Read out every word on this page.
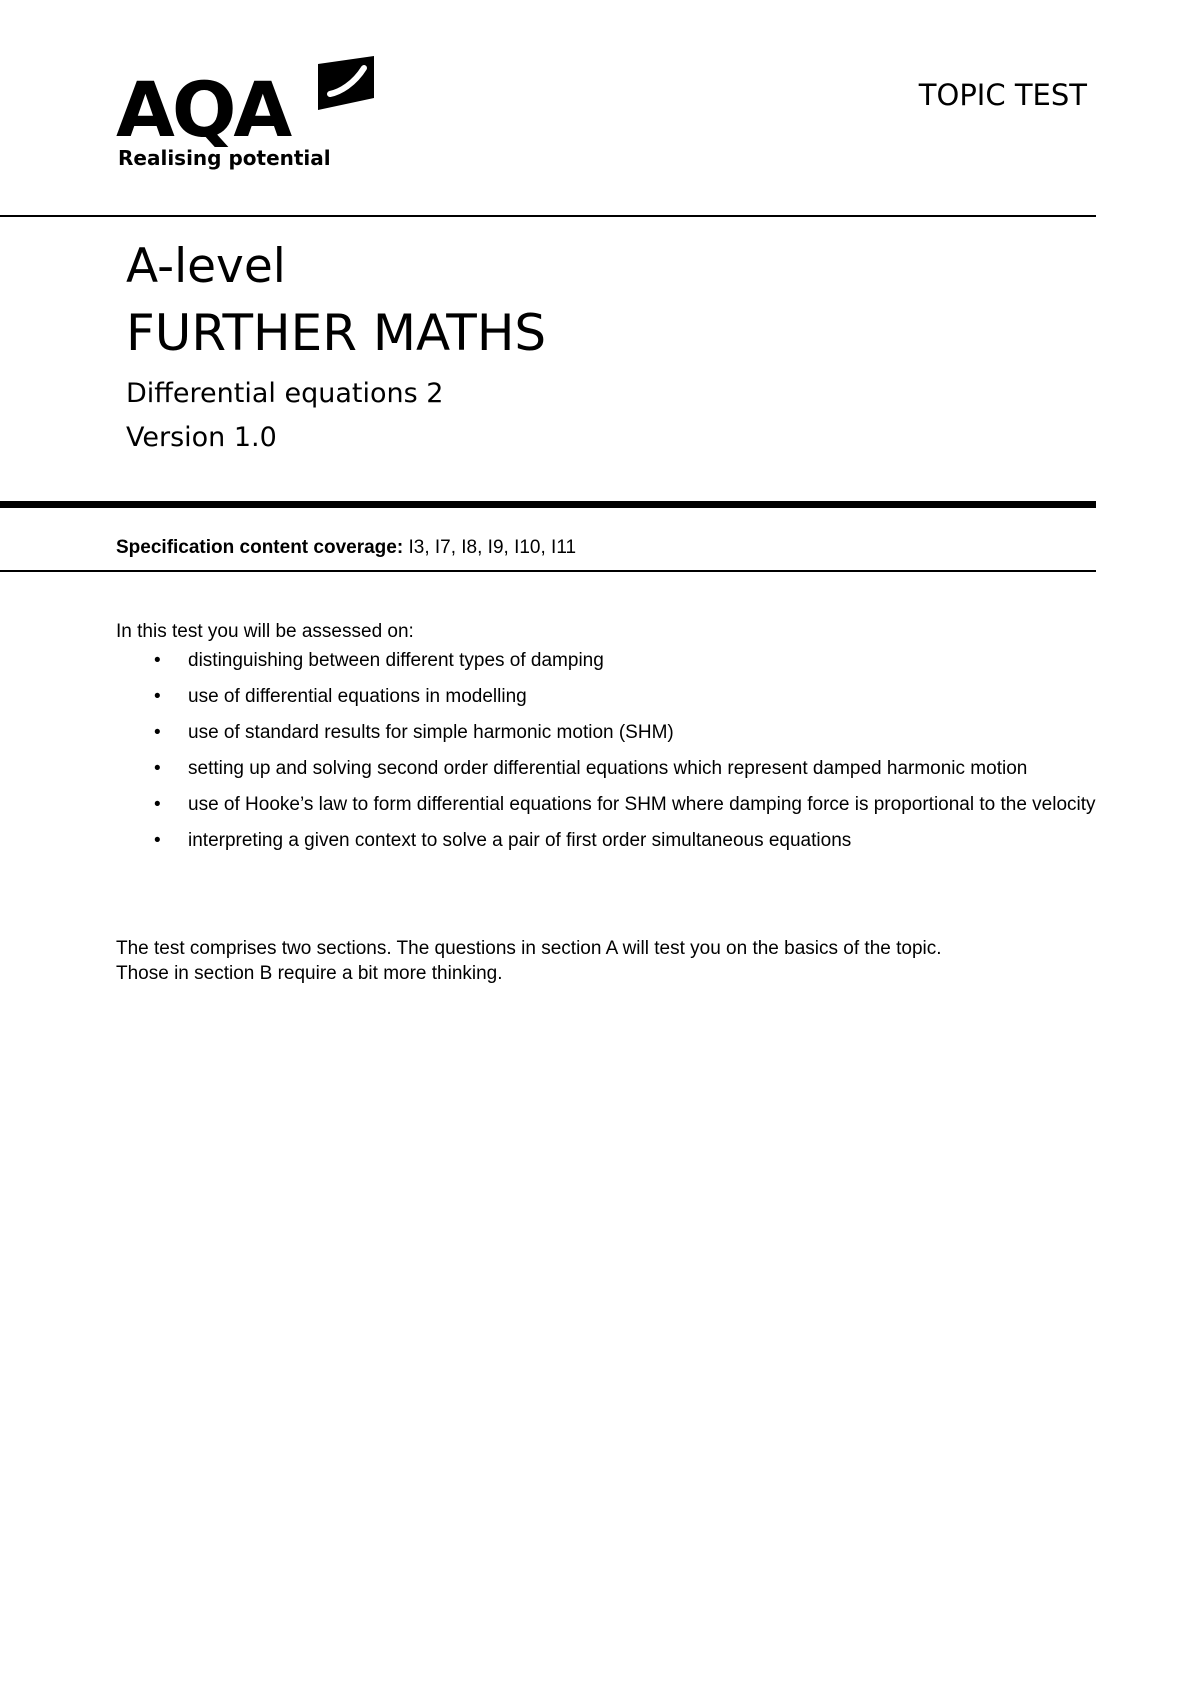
AQA
Realising potential
TOPIC TEST
A-level
FURTHER MATHS
Differential equations 2
Version 1.0
Specification content coverage: I3, I7, I8, I9, I10, I11
In this test you will be assessed on:
• distinguishing between different types of damping
• use of differential equations in modelling
• use of standard results for simple harmonic motion (SHM)
• setting up and solving second order differential equations which represent damped harmonic motion
• use of Hooke’s law to form differential equations for SHM where damping force is proportional to the velocity
• interpreting a given context to solve a pair of first order simultaneous equations
The test comprises two sections. The questions in section A will test you on the basics of the topic.
Those in section B require a bit more thinking.
